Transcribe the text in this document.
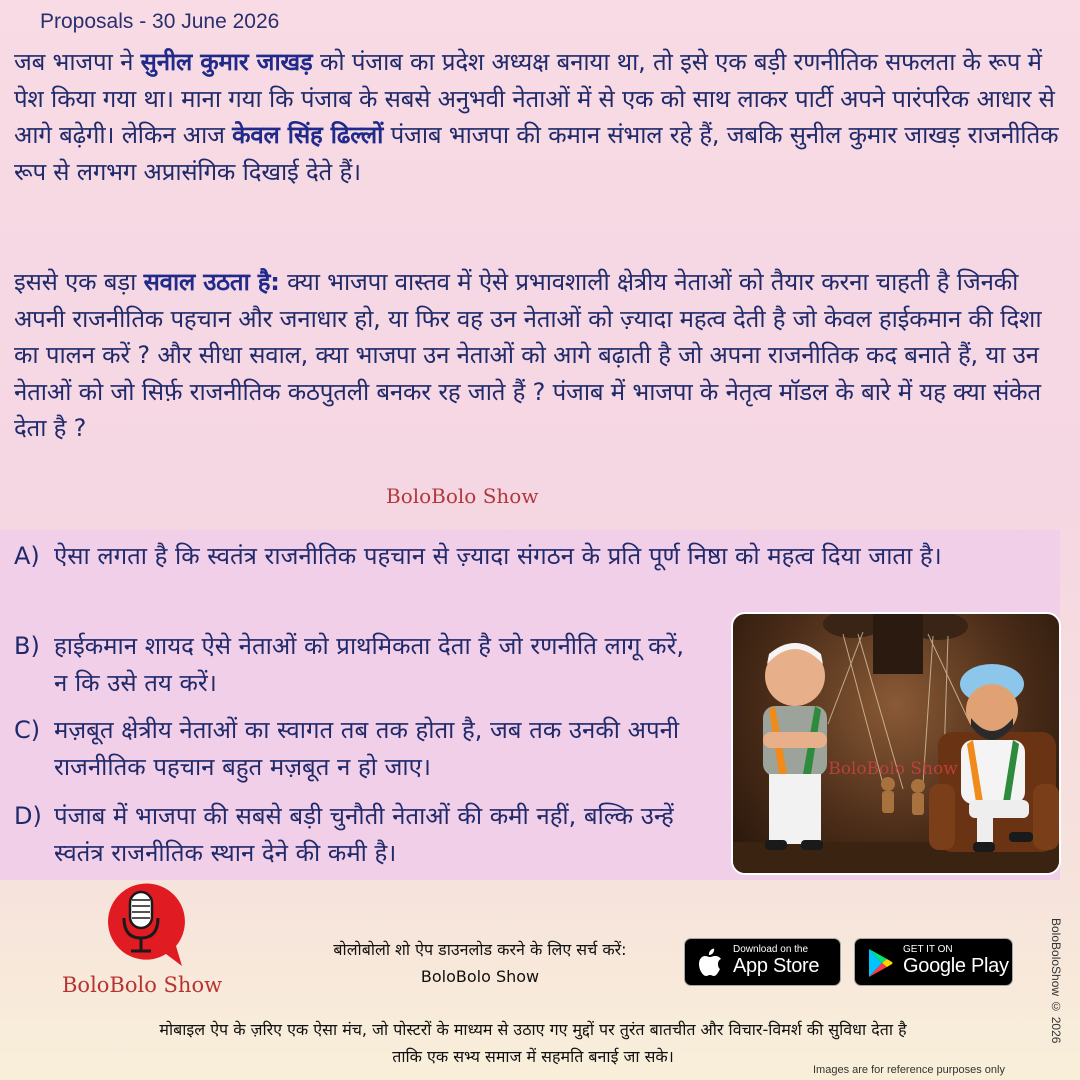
Proposals - 30 June 2026

जब भाजपा ने सुनील कुमार जाखड़ को पंजाब का प्रदेश अध्यक्ष बनाया था, तो इसे एक बड़ी रणनीतिक सफलता के रूप में पेश किया गया था। माना गया कि पंजाब के सबसे अनुभवी नेताओं में से एक को साथ लाकर पार्टी अपने पारंपरिक आधार से आगे बढ़ेगी। लेकिन आज केवल सिंह ढिल्लों पंजाब भाजपा की कमान संभाल रहे हैं, जबकि सुनील कुमार जाखड़ राजनीतिक रूप से लगभग अप्रासंगिक दिखाई देते हैं।

इससे एक बड़ा सवाल उठता है: क्या भाजपा वास्तव में ऐसे प्रभावशाली क्षेत्रीय नेताओं को तैयार करना चाहती है जिनकी अपनी राजनीतिक पहचान और जनाधार हो, या फिर वह उन नेताओं को ज़्यादा महत्व देती है जो केवल हाईकमान की दिशा का पालन करें ? और सीधा सवाल, क्या भाजपा उन नेताओं को आगे बढ़ाती है जो अपना राजनीतिक कद बनाते हैं, या उन नेताओं को जो सिर्फ़ राजनीतिक कठपुतली बनकर रह जाते हैं ? पंजाब में भाजपा के नेतृत्व मॉडल के बारे में यह क्या संकेत देता है ?

BoloBolo Show
A) ऐसा लगता है कि स्वतंत्र राजनीतिक पहचान से ज़्यादा संगठन के प्रति पूर्ण निष्ठा को महत्व दिया जाता है।
B) हाईकमान शायद ऐसे नेताओं को प्राथमिकता देता है जो रणनीति लागू करें, न कि उसे तय करें।
C) मज़बूत क्षेत्रीय नेताओं का स्वागत तब तक होता है, जब तक उनकी अपनी राजनीतिक पहचान बहुत मज़बूत न हो जाए।
D) पंजाब में भाजपा की सबसे बड़ी चुनौती नेताओं की कमी नहीं, बल्कि उन्हें स्वतंत्र राजनीतिक स्थान देने की कमी है।
BoloBolo Show
BoloBolo Show
बोलोबोलो शो ऐप डाउनलोड करने के लिए सर्च करें:
BoloBolo Show
Download on the
App Store
GET IT ON
Google Play
मोबाइल ऐप के ज़रिए एक ऐसा मंच, जो पोस्टरों के माध्यम से उठाए गए मुद्दों पर तुरंत बातचीत और विचार-विमर्श की सुविधा देता है
ताकि एक सभ्य समाज में सहमति बनाई जा सके।
BoloBoloShow © 2026
Images are for reference purposes only
